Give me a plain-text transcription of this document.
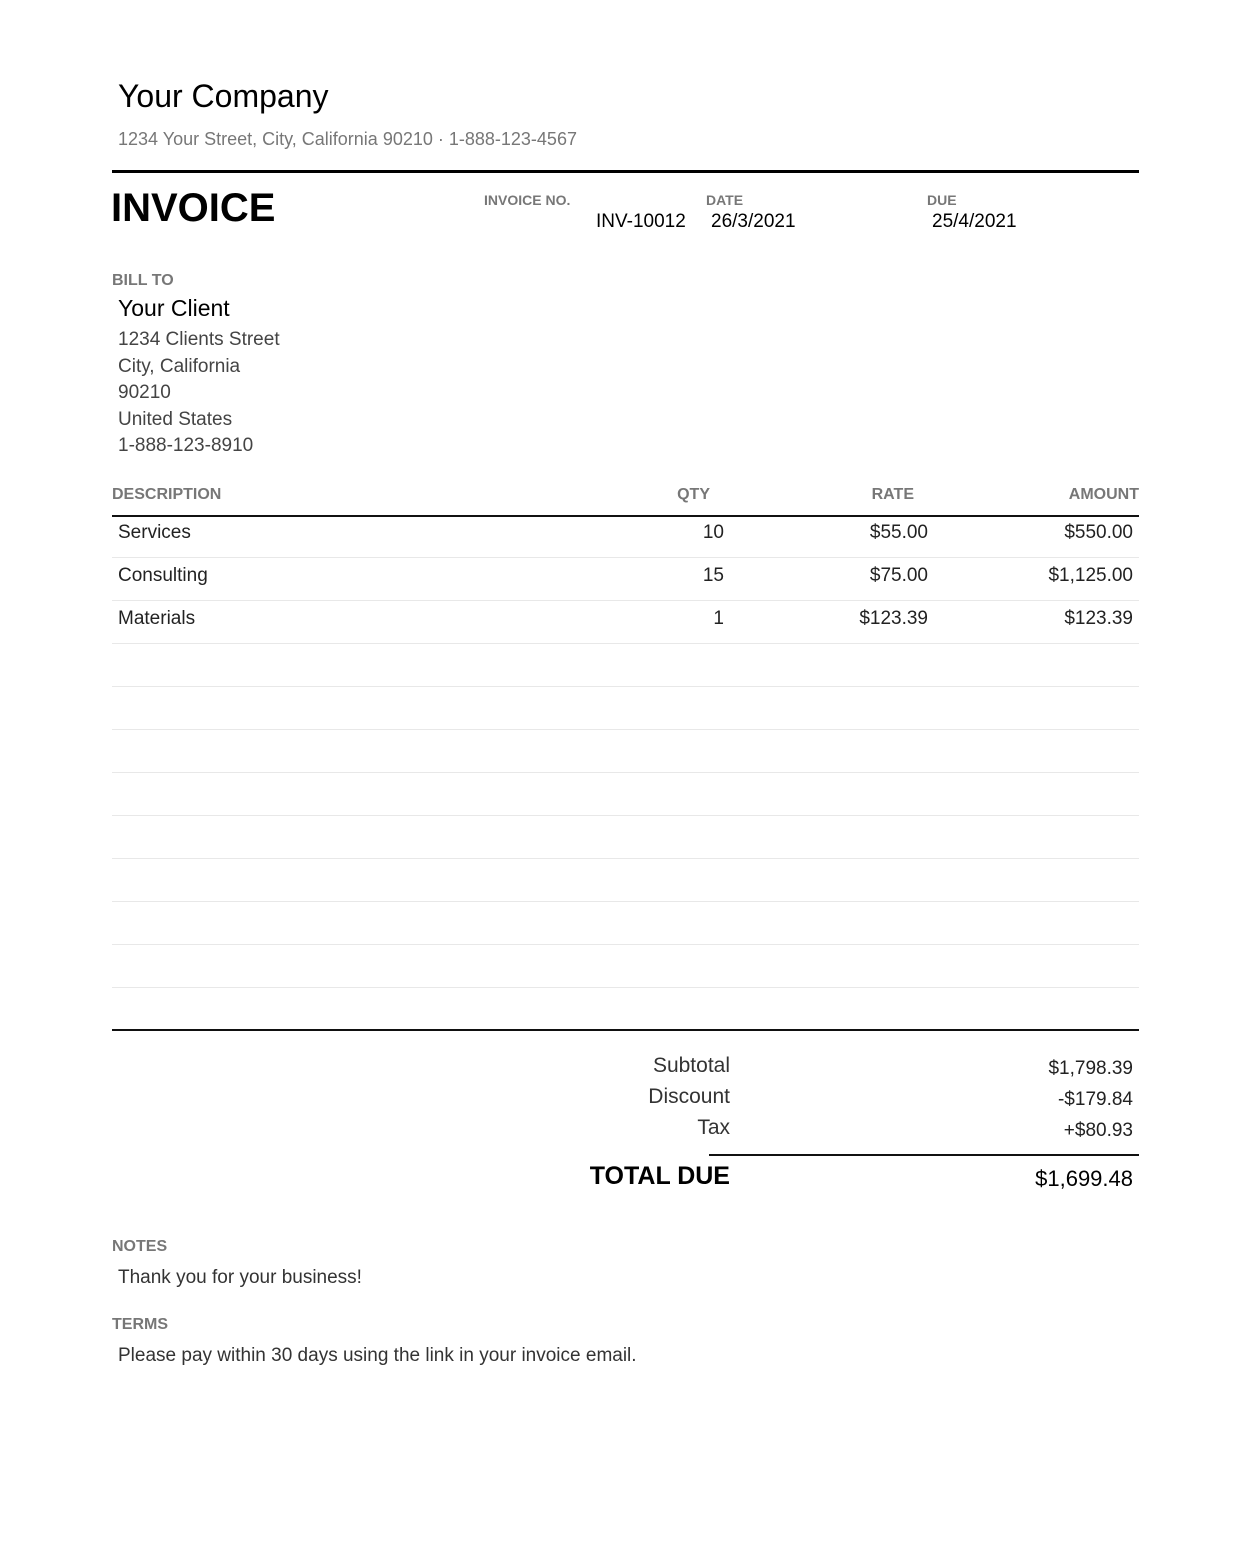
Your Company
1234 Your Street, City, California 90210 · 1-888-123-4567
INVOICE	INVOICE NO.
INV-10012
DATE
26/3/2021
DUE
25/4/2021
BILL TO
Your Client
1234 Clients Street
City, California
90210
United States
1-888-123-8910
DESCRIPTION	QTY	RATE	AMOUNT
Services	10	$55.00	$550.00
Consulting	15	$75.00	$1,125.00
Materials	1	$123.39	$123.39
Subtotal	$1,798.39
Discount	-$179.84
Tax	+$80.93
TOTAL DUE	$1,699.48
NOTES
Thank you for your business!
TERMS
Please pay within 30 days using the link in your invoice email.
